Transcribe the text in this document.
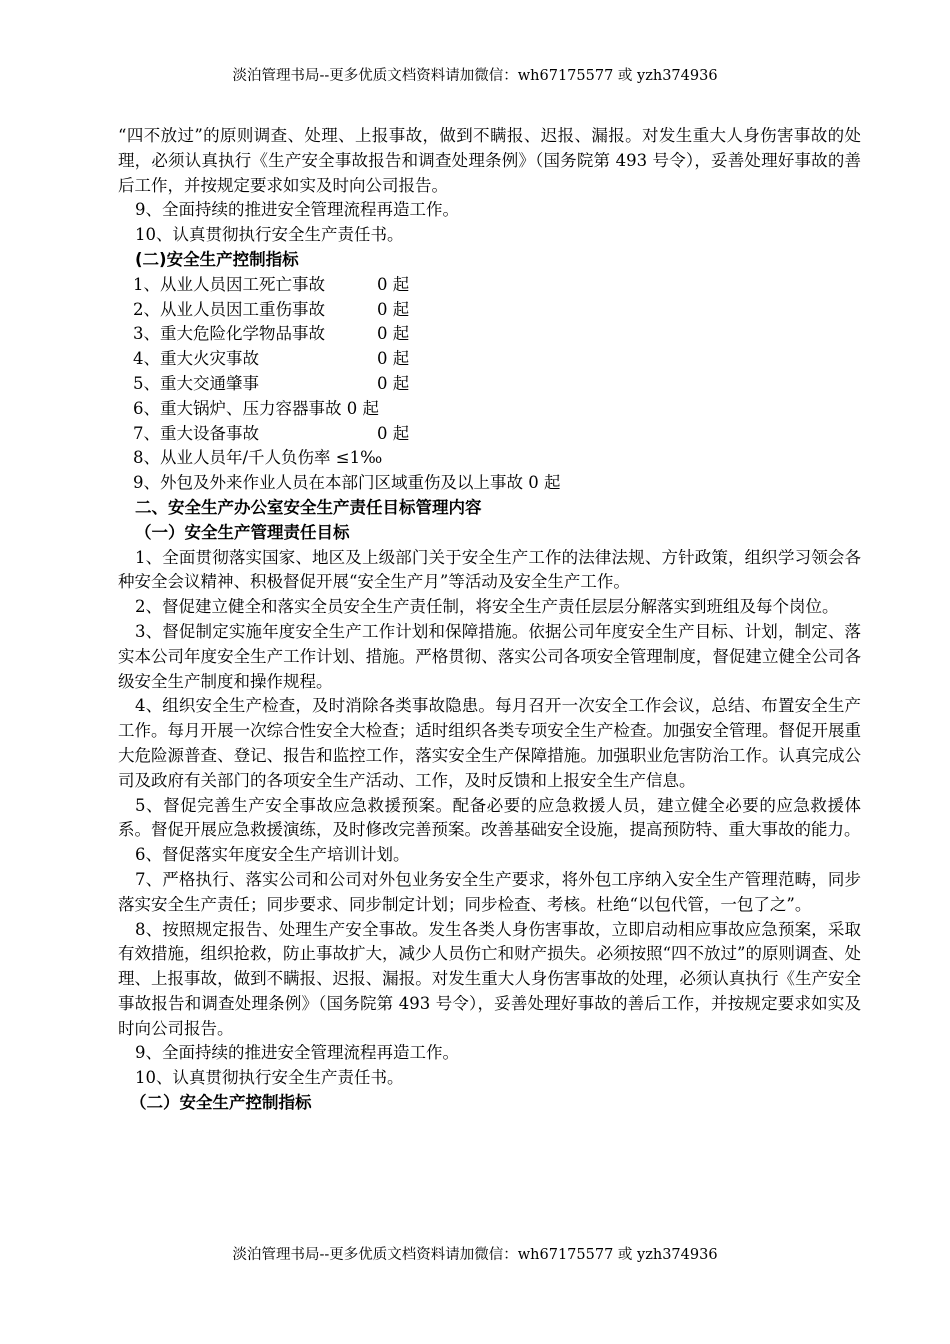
淡泊管理书局--更多优质文档资料请加微信：wh67175577 或 yzh374936

“四不放过”的原则调查、处理、上报事故，做到不瞒报、迟报、漏报。对发生重大人身伤害事故的处理，必须认真执行《生产安全事故报告和调查处理条例》（国务院第 493 号令），妥善处理好事故的善后工作，并按规定要求如实及时向公司报告。

9、全面持续的推进安全管理流程再造工作。

10、认真贯彻执行安全生产责任书。

(二)安全生产控制指标

1、从业人员因工死亡事故	0 起
2、从业人员因工重伤事故	0 起
3、重大危险化学物品事故	0 起
4、重大火灾事故	0 起
5、重大交通肇事	0 起
6、重大锅炉、压力容器事故 0 起
7、重大设备事故	0 起
8、从业人员年/千人负伤率 ≤1‰
9、外包及外来作业人员在本部门区域重伤及以上事故 0 起

二、安全生产办公室安全生产责任目标管理内容

（一）安全生产管理责任目标

1、全面贯彻落实国家、地区及上级部门关于安全生产工作的法律法规、方针政策，组织学习领会各种安全会议精神、积极督促开展“安全生产月”等活动及安全生产工作。

2、督促建立健全和落实全员安全生产责任制，将安全生产责任层层分解落实到班组及每个岗位。

3、督促制定实施年度安全生产工作计划和保障措施。依据公司年度安全生产目标、计划，制定、落实本公司年度安全生产工作计划、措施。严格贯彻、落实公司各项安全管理制度，督促建立健全公司各级安全生产制度和操作规程。

4、组织安全生产检查，及时消除各类事故隐患。每月召开一次安全工作会议，总结、布置安全生产工作。每月开展一次综合性安全大检查；适时组织各类专项安全生产检查。加强安全管理。督促开展重大危险源普查、登记、报告和监控工作，落实安全生产保障措施。加强职业危害防治工作。认真完成公司及政府有关部门的各项安全生产活动、工作，及时反馈和上报安全生产信息。

5、督促完善生产安全事故应急救援预案。配备必要的应急救援人员，建立健全必要的应急救援体系。督促开展应急救援演练，及时修改完善预案。改善基础安全设施，提高预防特、重大事故的能力。

6、督促落实年度安全生产培训计划。

7、严格执行、落实公司和公司对外包业务安全生产要求，将外包工序纳入安全生产管理范畴，同步落实安全生产责任；同步要求、同步制定计划；同步检查、考核。杜绝“以包代管，一包了之”。

8、按照规定报告、处理生产安全事故。发生各类人身伤害事故，立即启动相应事故应急预案，采取有效措施，组织抢救，防止事故扩大，减少人员伤亡和财产损失。必须按照“四不放过”的原则调查、处理、上报事故，做到不瞒报、迟报、漏报。对发生重大人身伤害事故的处理，必须认真执行《生产安全事故报告和调查处理条例》（国务院第 493 号令），妥善处理好事故的善后工作，并按规定要求如实及时向公司报告。

9、全面持续的推进安全管理流程再造工作。

10、认真贯彻执行安全生产责任书。

（二）安全生产控制指标

淡泊管理书局--更多优质文档资料请加微信：wh67175577 或 yzh374936
